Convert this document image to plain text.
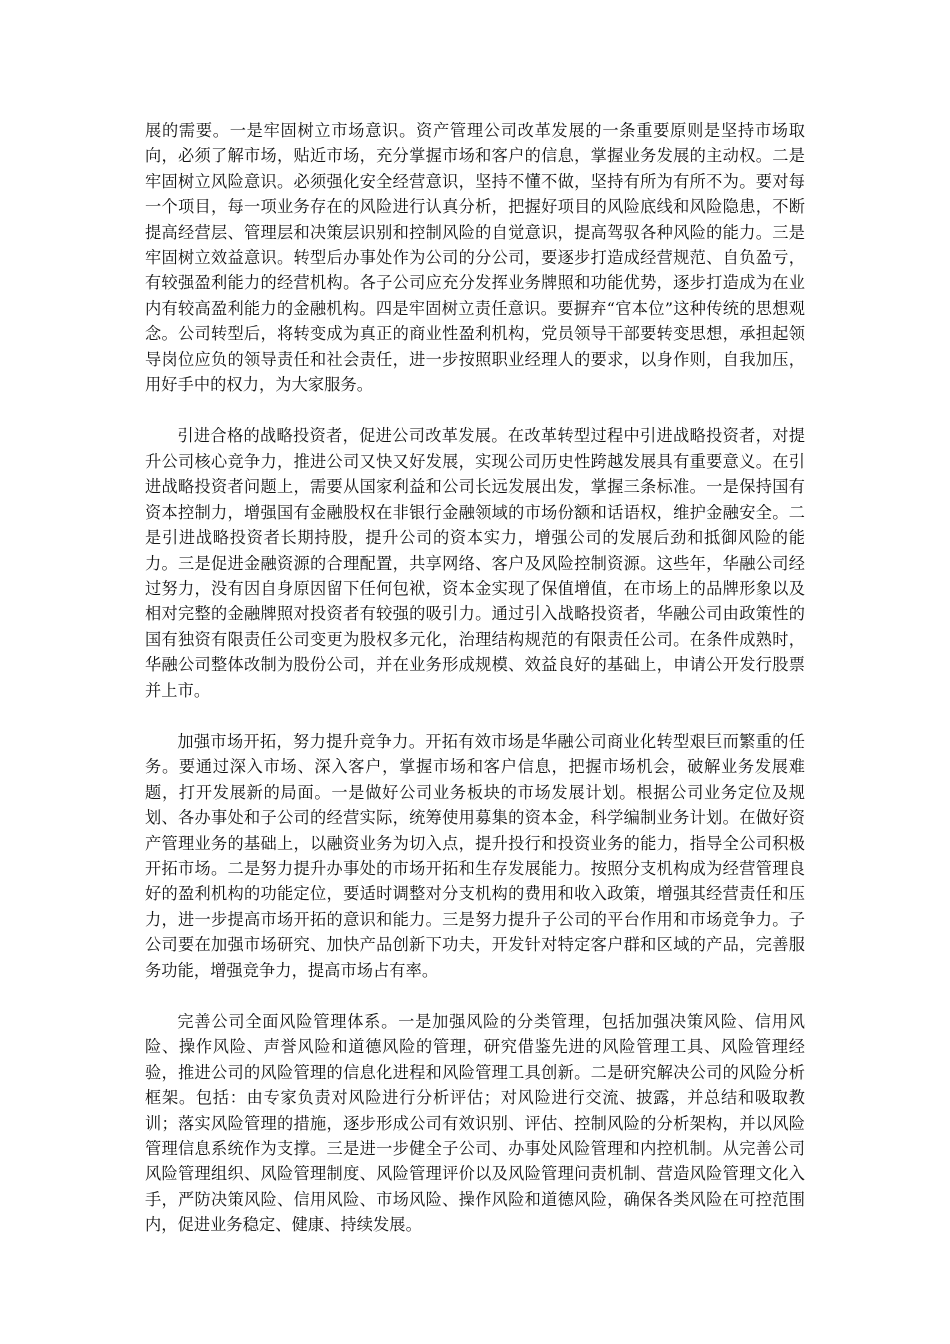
展的需要。一是牢固树立市场意识。资产管理公司改革发展的一条重要原则是坚持市场取向，必须了解市场，贴近市场，充分掌握市场和客户的信息，掌握业务发展的主动权。二是牢固树立风险意识。必须强化安全经营意识，坚持不懂不做，坚持有所为有所不为。要对每一个项目，每一项业务存在的风险进行认真分析，把握好项目的风险底线和风险隐患，不断提高经营层、管理层和决策层识别和控制风险的自觉意识，提高驾驭各种风险的能力。三是牢固树立效益意识。转型后办事处作为公司的分公司，要逐步打造成经营规范、自负盈亏，有较强盈利能力的经营机构。各子公司应充分发挥业务牌照和功能优势，逐步打造成为在业内有较高盈利能力的金融机构。四是牢固树立责任意识。要摒弃“官本位”这种传统的思想观念。公司转型后，将转变成为真正的商业性盈利机构，党员领导干部要转变思想，承担起领导岗位应负的领导责任和社会责任，进一步按照职业经理人的要求，以身作则，自我加压，用好手中的权力，为大家服务。

引进合格的战略投资者，促进公司改革发展。在改革转型过程中引进战略投资者，对提升公司核心竞争力，推进公司又快又好发展，实现公司历史性跨越发展具有重要意义。在引进战略投资者问题上，需要从国家利益和公司长远发展出发，掌握三条标准。一是保持国有资本控制力，增强国有金融股权在非银行金融领域的市场份额和话语权，维护金融安全。二是引进战略投资者长期持股，提升公司的资本实力，增强公司的发展后劲和抵御风险的能力。三是促进金融资源的合理配置，共享网络、客户及风险控制资源。这些年，华融公司经过努力，没有因自身原因留下任何包袱，资本金实现了保值增值，在市场上的品牌形象以及相对完整的金融牌照对投资者有较强的吸引力。通过引入战略投资者，华融公司由政策性的国有独资有限责任公司变更为股权多元化，治理结构规范的有限责任公司。在条件成熟时，华融公司整体改制为股份公司，并在业务形成规模、效益良好的基础上，申请公开发行股票并上市。

加强市场开拓，努力提升竞争力。开拓有效市场是华融公司商业化转型艰巨而繁重的任务。要通过深入市场、深入客户，掌握市场和客户信息，把握市场机会，破解业务发展难题，打开发展新的局面。一是做好公司业务板块的市场发展计划。根据公司业务定位及规划、各办事处和子公司的经营实际，统筹使用募集的资本金，科学编制业务计划。在做好资产管理业务的基础上，以融资业务为切入点，提升投行和投资业务的能力，指导全公司积极开拓市场。二是努力提升办事处的市场开拓和生存发展能力。按照分支机构成为经营管理良好的盈利机构的功能定位，要适时调整对分支机构的费用和收入政策，增强其经营责任和压力，进一步提高市场开拓的意识和能力。三是努力提升子公司的平台作用和市场竞争力。子公司要在加强市场研究、加快产品创新下功夫，开发针对特定客户群和区域的产品，完善服务功能，增强竞争力，提高市场占有率。

完善公司全面风险管理体系。一是加强风险的分类管理，包括加强决策风险、信用风险、操作风险、声誉风险和道德风险的管理，研究借鉴先进的风险管理工具、风险管理经验，推进公司的风险管理的信息化进程和风险管理工具创新。二是研究解决公司的风险分析框架。包括：由专家负责对风险进行分析评估；对风险进行交流、披露，并总结和吸取教训；落实风险管理的措施，逐步形成公司有效识别、评估、控制风险的分析架构，并以风险管理信息系统作为支撑。三是进一步健全子公司、办事处风险管理和内控机制。从完善公司风险管理组织、风险管理制度、风险管理评价以及风险管理问责机制、营造风险管理文化入手，严防决策风险、信用风险、市场风险、操作风险和道德风险，确保各类风险在可控范围内，促进业务稳定、健康、持续发展。
